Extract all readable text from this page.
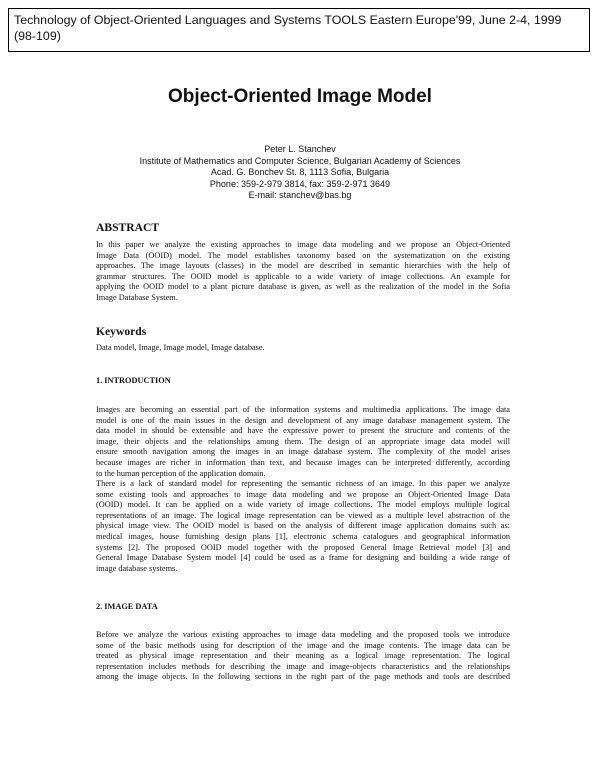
Technology of Object-Oriented Languages and Systems TOOLS Eastern Europe'99, June 2-4, 1999
(98-109)
Object-Oriented Image Model
Peter L. Stanchev
Institute of Mathematics and Computer Science, Bulgarian Academy of Sciences
Acad. G. Bonchev St. 8, 1113 Sofia, Bulgaria
Phone: 359-2-979 3814, fax: 359-2-971 3649
E-mail: stanchev@bas.bg
ABSTRACT
In this paper we analyze the existing approaches to image data modeling and we propose an Object-Oriented
Image Data (OOID) model. The model establishes taxonomy based on the systematization on the existing
approaches. The image layouts (classes) in the model are described in semantic hierarchies with the help of
grammar structures. The OOID model is applicable to a wide variety of image collections. An example for
applying the OOID model to a plant picture database is given, as well as the realization of the model in the Sofia
Image Database System.
Keywords
Data model, Image, Image model, Image database.
1. INTRODUCTION
Images are becoming an essential part of the information systems and multimedia applications. The image data
model is one of the main issues in the design and development of any image database management system. The
data model in should be extensible and have the expressive power to present the structure and contents of the
image, their objects and the relationships among them. The design of an appropriate image data model will
ensure smooth navigation among the images in an image database system. The complexity of the model arises
because images are richer in information than text, and because images can be interpreted differently, according
to the human perception of the application domain.
There is a lack of standard model for representing the semantic richness of an image. In this paper we analyze
some existing tools and approaches to image data modeling and we propose an Object-Oriented Image Data
(OOID) model. It can be applied on a wide variety of image collections. The model employs multiple logical
representations of an image. The logical image representation can be viewed as a multiple level abstraction of the
physical image view. The OOID model is based on the analysis of different image application domains such as:
medical images, house furnishing design plans [1], electronic schema catalogues and geographical information
systems [2]. The proposed OOID model together with the proposed General Image Retrieval model [3] and
General Image Database System model [4] could be used as a frame for designing and building a wide range of
image database systems.
2. IMAGE DATA
Before we analyze the various existing approaches to image data modeling and the proposed tools we introduce
some of the basic methods using for description of the image and the image contents. The image data can be
treated as physical image representation and their meaning as a logical image representation. The logical
representation includes methods for describing the image and image-objects characteristics and the relationships
among the image objects. In the following sections in the right part of the page methods and tools are described
